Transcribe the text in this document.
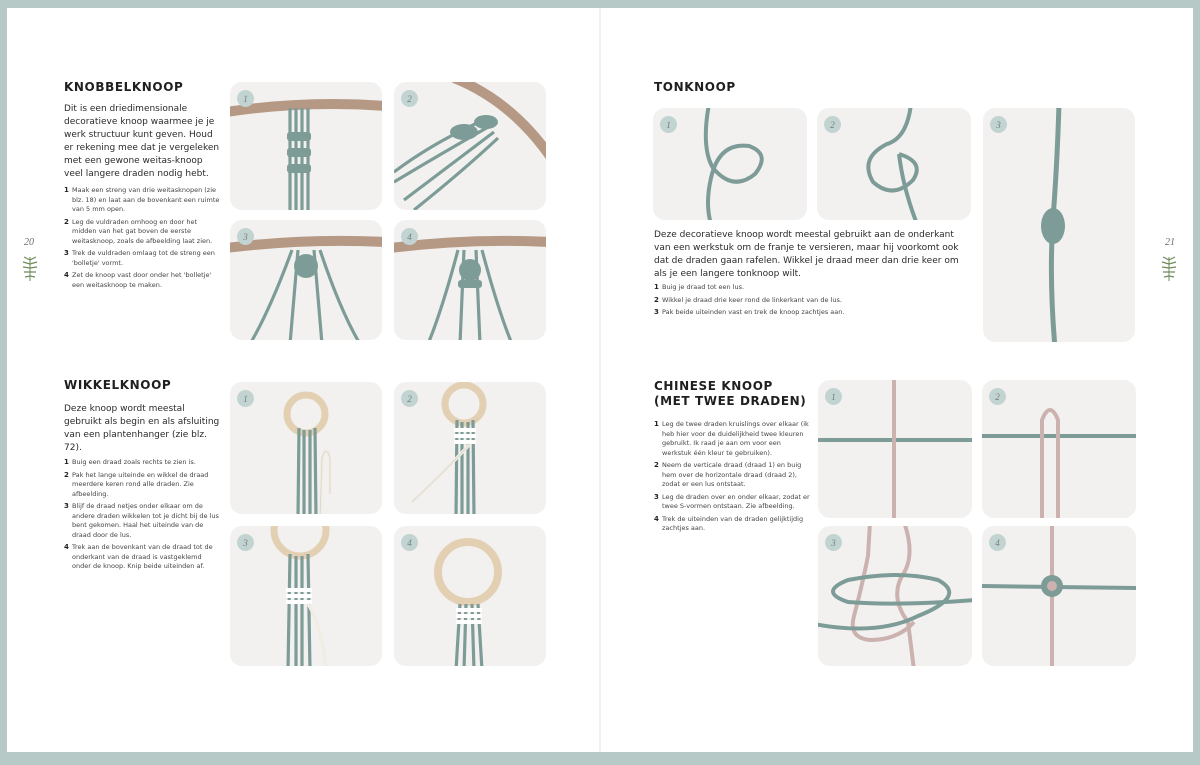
20	21
KNOBBELKNOOP
Dit is een driedimensionale decoratieve knoop waarmee je je werk structuur kunt geven. Houd er rekening mee dat je vergeleken met een gewone weitas-knoop veel langere draden nodig hebt.
1 Maak een streng van drie weitasknopen (zie blz. 18) en laat aan de bovenkant een ruimte van 5 mm open.
2 Leg de vuldraden omhoog en door het midden van het gat boven de eerste weitasknoop, zoals de afbeelding laat zien.
3 Trek de vuldraden omlaag tot de streng een 'bolletje' vormt.
4 Zet de knoop vast door onder het 'bolletje' een weitasknoop te maken.
1	2
3	4
WIKKELKNOOP
Deze knoop wordt meestal gebruikt als begin en als afsluiting van een plantenhanger (zie blz. 72).
1 Buig een draad zoals rechts te zien is.
2 Pak het lange uiteinde en wikkel de draad meerdere keren rond alle draden. Zie afbeelding.
3 Blijf de draad netjes onder elkaar om de andere draden wikkelen tot je dicht bij de lus bent gekomen. Haal het uiteinde van de draad door de lus.
4 Trek aan de bovenkant van de draad tot de onderkant van de draad is vastgeklemd onder de knoop. Knip beide uiteinden af.
1	2
3	4
TONKNOOP
1	2	3
Deze decoratieve knoop wordt meestal gebruikt aan de onderkant van een werkstuk om de franje te versieren, maar hij voorkomt ook dat de draden gaan rafelen. Wikkel je draad meer dan drie keer om als je een langere tonknoop wilt.
1 Buig je draad tot een lus.
2 Wikkel je draad drie keer rond de linkerkant van de lus.
3 Pak beide uiteinden vast en trek de knoop zachtjes aan.
CHINESE KNOOP
(MET TWEE DRADEN)
1 Leg de twee draden kruislings over elkaar (ik heb hier voor de duidelijkheid twee kleuren gebruikt. Ik raad je aan om voor een werkstuk één kleur te gebruiken).
2 Neem de verticale draad (draad 1) en buig hem over de horizontale draad (draad 2), zodat er een lus ontstaat.
3 Leg de draden over en onder elkaar, zodat er twee S-vormen ontstaan. Zie afbeelding.
4 Trek de uiteinden van de draden gelijktijdig zachtjes aan.
1	2
3	4
